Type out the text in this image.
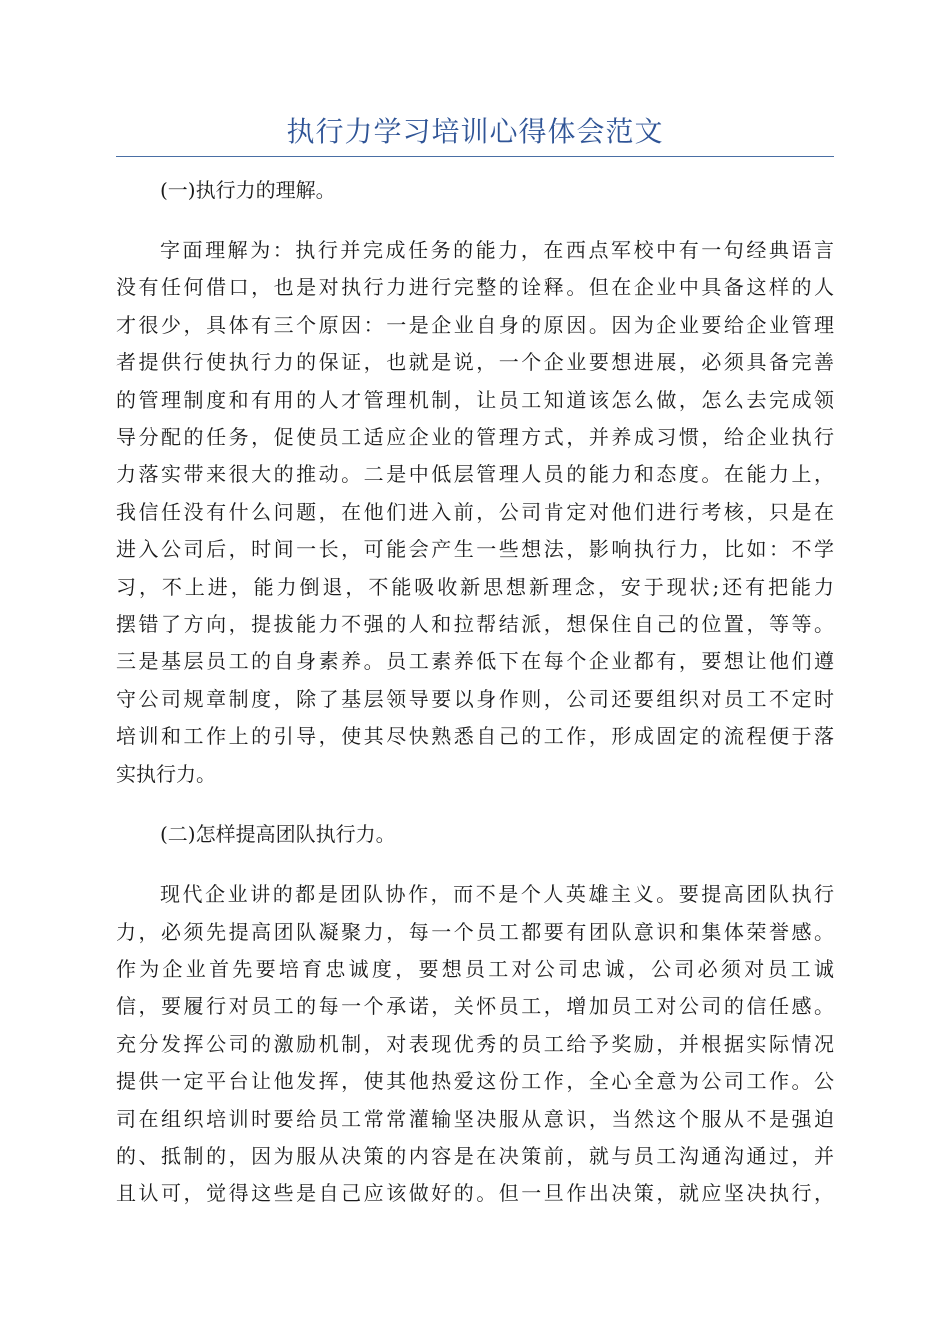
执行力学习培训心得体会范文
(一)执行力的理解。
字面理解为：执行并完成任务的能力，在西点军校中有一句经典语言
没有任何借口，也是对执行力进行完整的诠释。但在企业中具备这样的人
才很少，具体有三个原因：一是企业自身的原因。因为企业要给企业管理
者提供行使执行力的保证，也就是说，一个企业要想进展，必须具备完善
的管理制度和有用的人才管理机制，让员工知道该怎么做，怎么去完成领
导分配的任务，促使员工适应企业的管理方式，并养成习惯，给企业执行
力落实带来很大的推动。二是中低层管理人员的能力和态度。在能力上，
我信任没有什么问题，在他们进入前，公司肯定对他们进行考核，只是在
进入公司后，时间一长，可能会产生一些想法，影响执行力，比如：不学
习，不上进，能力倒退，不能吸收新思想新理念，安于现状;还有把能力
摆错了方向，提拔能力不强的人和拉帮结派，想保住自己的位置，等等。
三是基层员工的自身素养。员工素养低下在每个企业都有，要想让他们遵
守公司规章制度，除了基层领导要以身作则，公司还要组织对员工不定时
培训和工作上的引导，使其尽快熟悉自己的工作，形成固定的流程便于落
实执行力。
(二)怎样提高团队执行力。
现代企业讲的都是团队协作，而不是个人英雄主义。要提高团队执行
力，必须先提高团队凝聚力，每一个员工都要有团队意识和集体荣誉感。
作为企业首先要培育忠诚度，要想员工对公司忠诚，公司必须对员工诚
信，要履行对员工的每一个承诺，关怀员工，增加员工对公司的信任感。
充分发挥公司的激励机制，对表现优秀的员工给予奖励，并根据实际情况
提供一定平台让他发挥，使其他热爱这份工作，全心全意为公司工作。公
司在组织培训时要给员工常常灌输坚决服从意识，当然这个服从不是强迫
的、抵制的，因为服从决策的内容是在决策前，就与员工沟通沟通过，并
且认可，觉得这些是自己应该做好的。但一旦作出决策，就应坚决执行，
